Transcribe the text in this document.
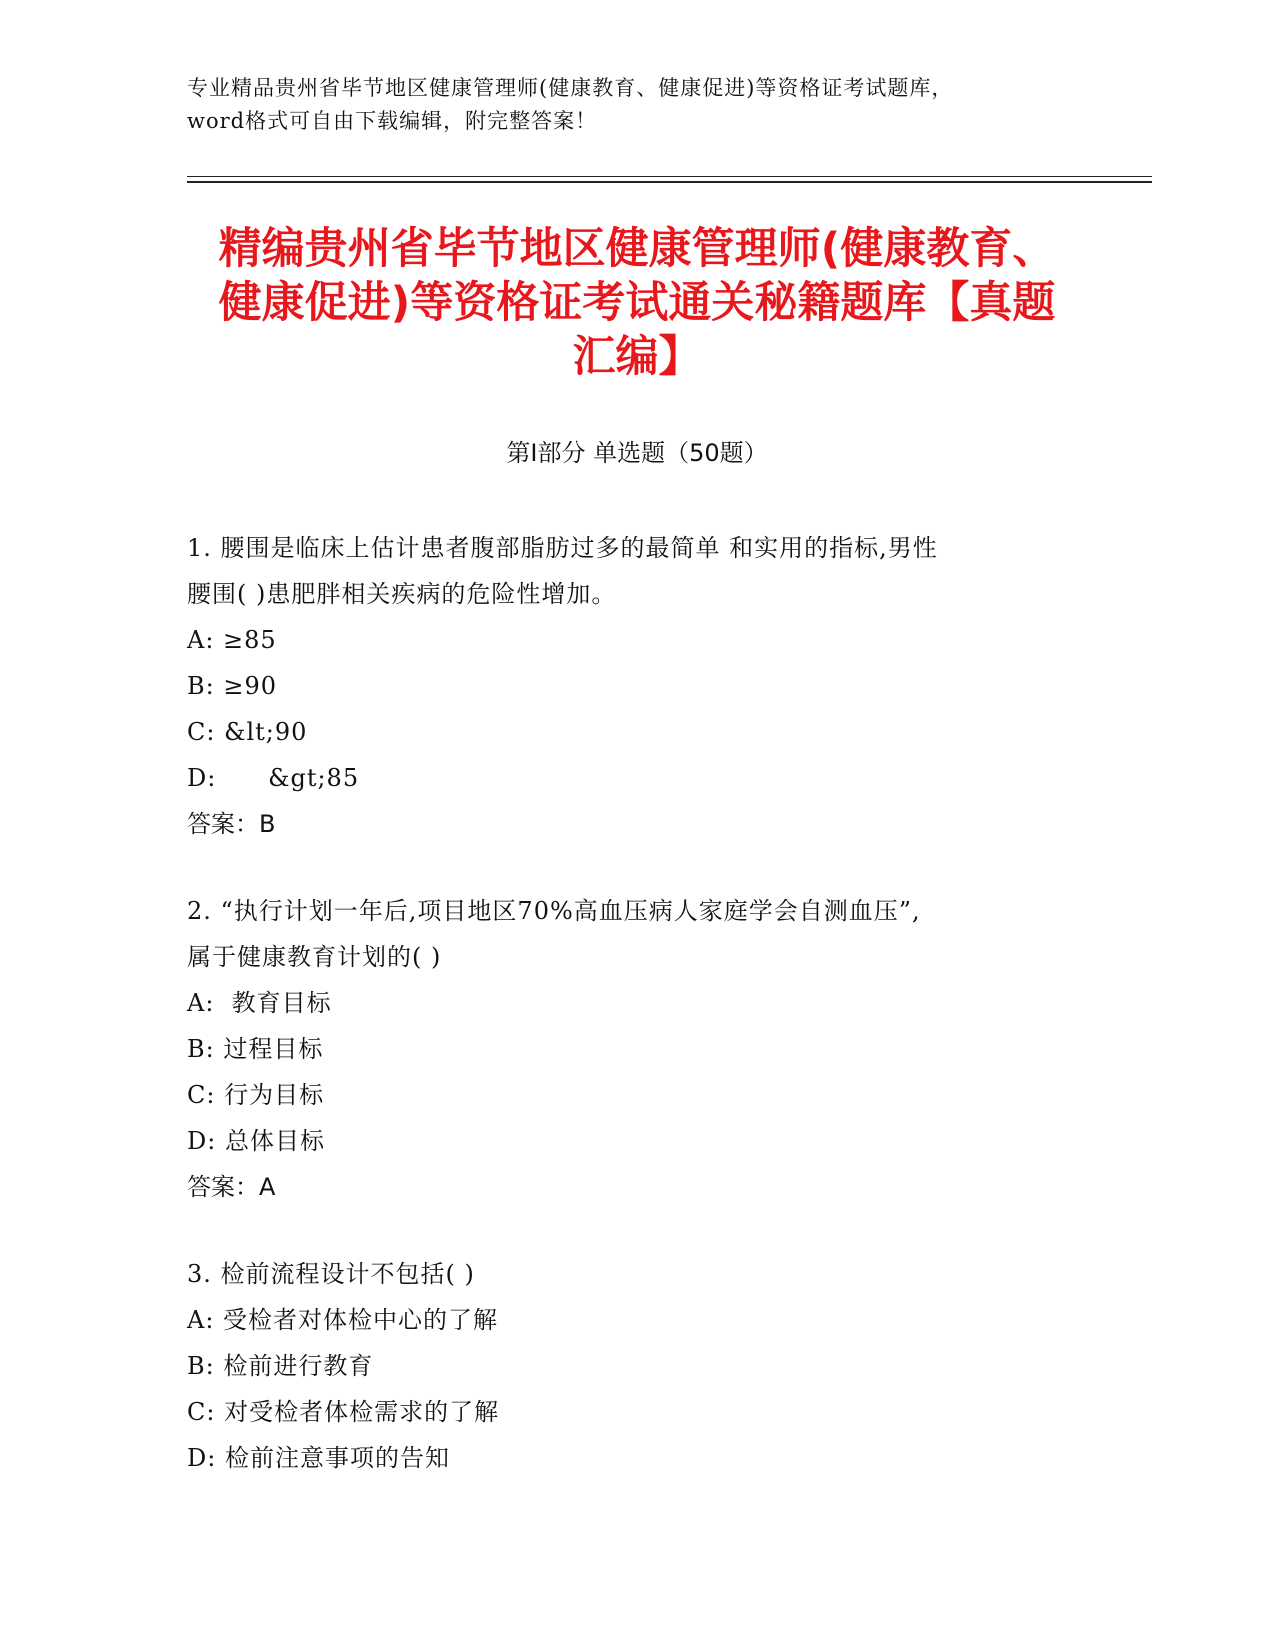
专业精品贵州省毕节地区健康管理师(健康教育、健康促进)等资格证考试题库，
word格式可自由下载编辑，附完整答案！
精编贵州省毕节地区健康管理师(健康教育、
健康促进)等资格证考试通关秘籍题库【真题
汇编】
第Ⅰ部分 单选题（50题）
1. 腰围是临床上估计患者腹部脂肪过多的最简单 和实用的指标,男性
腰围( )患肥胖相关疾病的危险性增加。
A: ≥85
B: ≥90
C: &lt;90
D:      &gt;85
答案：B
2. “执行计划一年后,项目地区70%高血压病人家庭学会自测血压”,
属于健康教育计划的( )
A:  教育目标
B: 过程目标
C: 行为目标
D: 总体目标
答案：A
3. 检前流程设计不包括( )
A: 受检者对体检中心的了解
B: 检前进行教育
C: 对受检者体检需求的了解
D: 检前注意事项的告知
